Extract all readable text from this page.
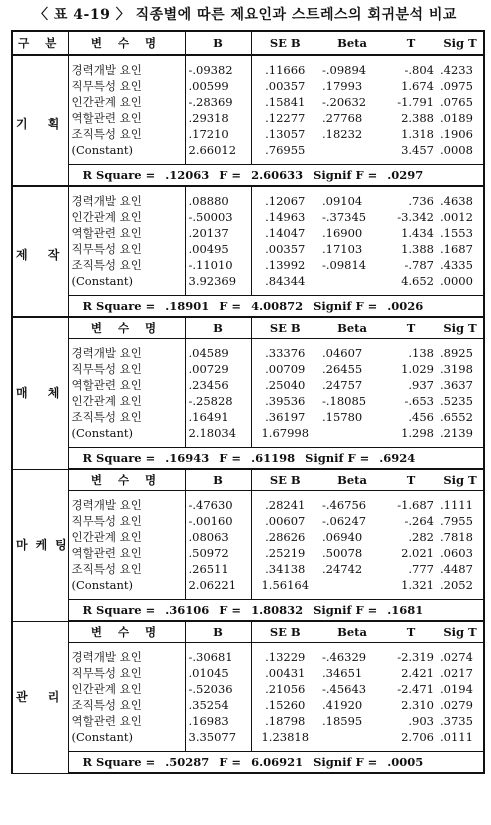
〈 표 4-19 〉 직종별에 따른 제요인과 스트레스의 회귀분석 비교
구 분	변 수 명	B	SE B	Beta	T	Sig T
기 획	경력개발 요인	-.09382	.11666	-.09894	-.804	.4233
	직무특성 요인	.00599	.00357	.17993	1.674	.0975
	인간관계 요인	-.28369	.15841	-.20632	-1.791	.0765
	역할관련 요인	.29318	.12277	.27768	2.388	.0189
	조직특성 요인	.17210	.13057	.18232	1.318	.1906
	(Constant)	2.66012	.76955		3.457	.0008
	R Square = .12063 F = 2.60633 Signif F = .0297					
제 작	경력개발 요인	.08880	.12067	.09104	.736	.4638
	인간관계 요인	-.50003	.14963	-.37345	-3.342	.0012
	역할관련 요인	.20137	.14047	.16900	1.434	.1553
	직무특성 요인	.00495	.00357	.17103	1.388	.1687
	조직특성 요인	-.11010	.13992	-.09814	-.787	.4335
	(Constant)	3.92369	.84344		4.652	.0000
	R Square = .18901 F = 4.00872 Signif F = .0026					
매 체	변 수 명	B	SE B	Beta	T	Sig T
	경력개발 요인	.04589	.33376	.04607	.138	.8925
	직무특성 요인	.00729	.00709	.26455	1.029	.3198
	역할관련 요인	.23456	.25040	.24757	.937	.3637
	인간관계 요인	-.25828	.39536	-.18085	-.653	.5235
	조직특성 요인	.16491	.36197	.15780	.456	.6552
	(Constant)	2.18034	1.67998		1.298	.2139
	R Square = .16943 F = .61198 Signif F = .6924					
마케팅	변 수 명	B	SE B	Beta	T	Sig T
	경력개발 요인	-.47630	.28241	-.46756	-1.687	.1111
	직무특성 요인	-.00160	.00607	-.06247	-.264	.7955
	인간관계 요인	.08063	.28626	.06940	.282	.7818
	역할관련 요인	.50972	.25219	.50078	2.021	.0603
	조직특성 요인	.26511	.34138	.24742	.777	.4487
	(Constant)	2.06221	1.56164		1.321	.2052
	R Square = .36106 F = 1.80832 Signif F = .1681					
관 리	변 수 명	B	SE B	Beta	T	Sig T
	경력개발 요인	-.30681	.13229	-.46329	-2.319	.0274
	직무특성 요인	.01045	.00431	.34651	2.421	.0217
	인간관계 요인	-.52036	.21056	-.45643	-2.471	.0194
	조직특성 요인	.35254	.15260	.41920	2.310	.0279
	역할관련 요인	.16983	.18798	.18595	.903	.3735
	(Constant)	3.35077	1.23818		2.706	.0111
	R Square = .50287 F = 6.06921 Signif F = .0005					
